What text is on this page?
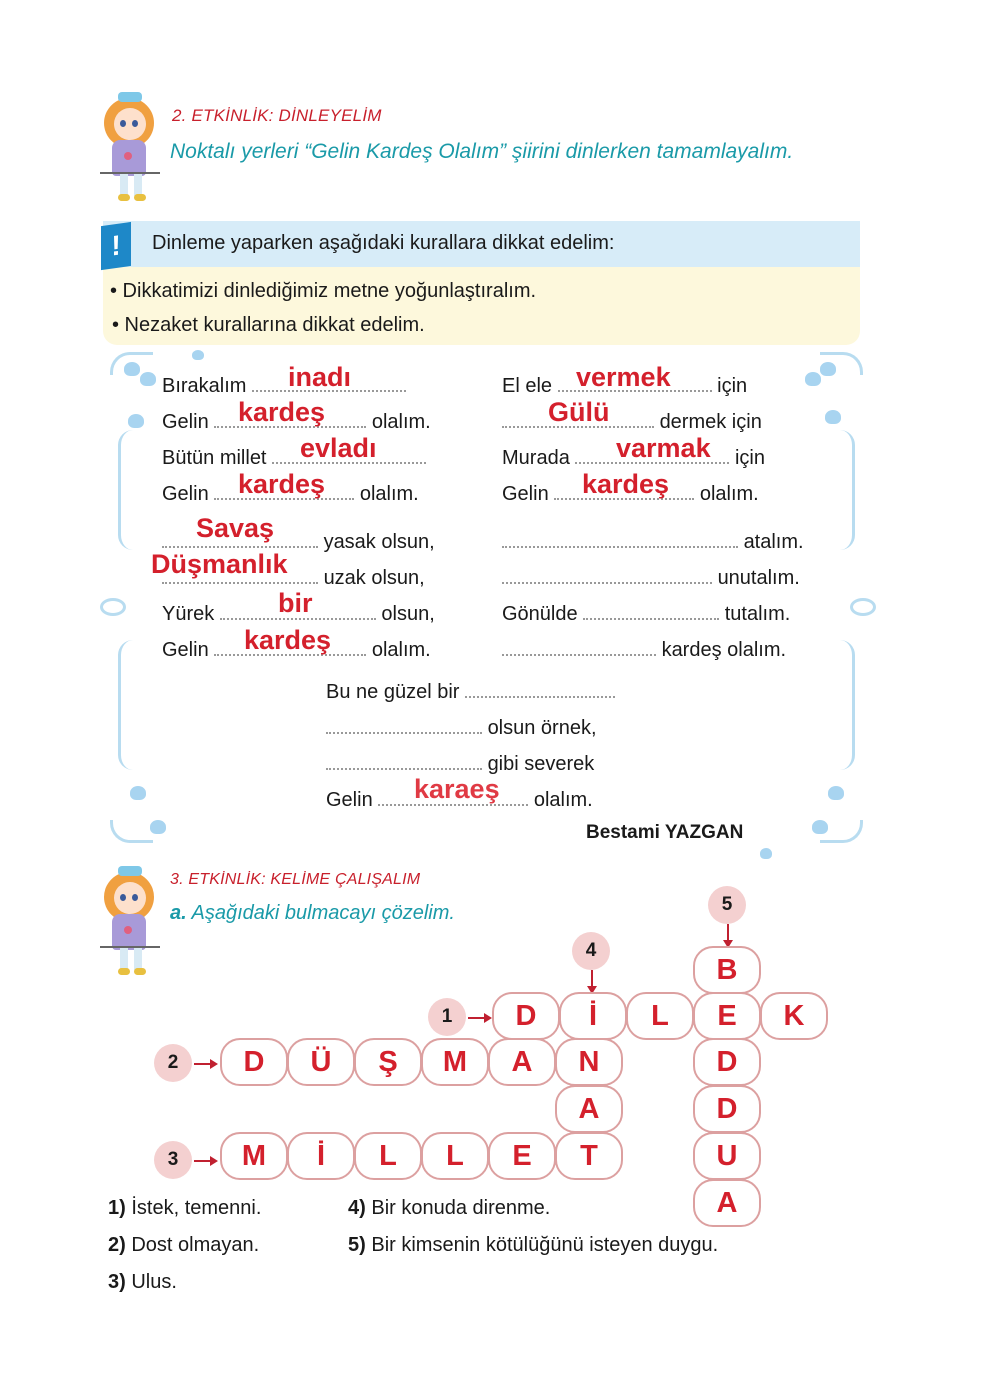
2. ETKİNLİK: DİNLEYELİM
Noktalı yerleri “Gelin Kardeş Olalım” şiirini dinlerken tamamlayalım.
!	Dinleme yaparken aşağıdaki kurallara dikkat edelim:
• Dikkatimizi dinlediğimiz metne yoğunlaştıralım.
• Nezaket kurallarına dikkat edelim.
Bırakalım	inadı
Gelin	olalım.
kardeş
Bütün millet	evladı
Gelin	olalım.
kardeş
El ele	için
vermek
dermek için
Gülü
Murada	için
varmak
Gelin	olalım.
kardeş
yasak olsun,
Savaş
uzak olsun,
Düşmanlık
Yürek	olsun,
bir
Gelin	olalım.
kardeş
atalım.
unutalım.
Gönülde	tutalım.
kardeş olalım.
Bu ne güzel bir
olsun örnek,
gibi severek
Gelin	olalım.
karaeş
Bestami YAZGAN
3. ETKİNLİK: KELİME ÇALIŞALIM
a. Aşağıdaki bulmacayı çözelim.
1
2
3
4
5
B
D
D
U
A
D	İ	L	E	K
D	Ü	Ş	M	A	N
A
M	İ	L	L	E	T
1) İstek, temenni.
2) Dost olmayan.
3) Ulus.
4) Bir konuda direnme.
5) Bir kimsenin kötülüğünü isteyen duygu.
